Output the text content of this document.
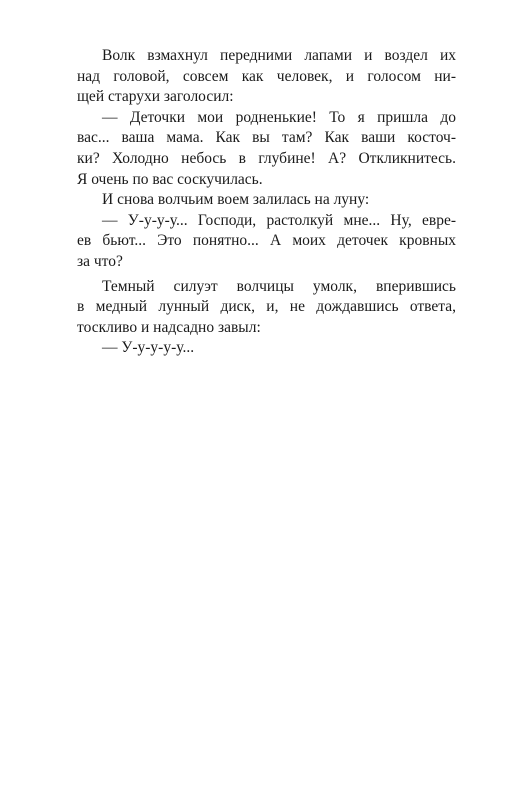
Волк взмахнул передними лапами и воздел их
над головой, совсем как человек, и голосом ни-
щей старухи заголосил:
— Деточки мои родненькие! То я пришла до
вас... ваша мама. Как вы там? Как ваши косточ-
ки? Холодно небось в глубине! А? Откликнитесь.
Я очень по вас соскучилась.
И снова волчьим воем залилась на луну:
— У-у-у-у... Господи, растолкуй мне... Ну, евре-
ев бьют... Это понятно... А моих деточек кровных
за что?
Темный силуэт волчицы умолк, вперившись
в медный лунный диск, и, не дождавшись ответа,
тоскливо и надсадно завыл:
— У-у-у-у-у...
